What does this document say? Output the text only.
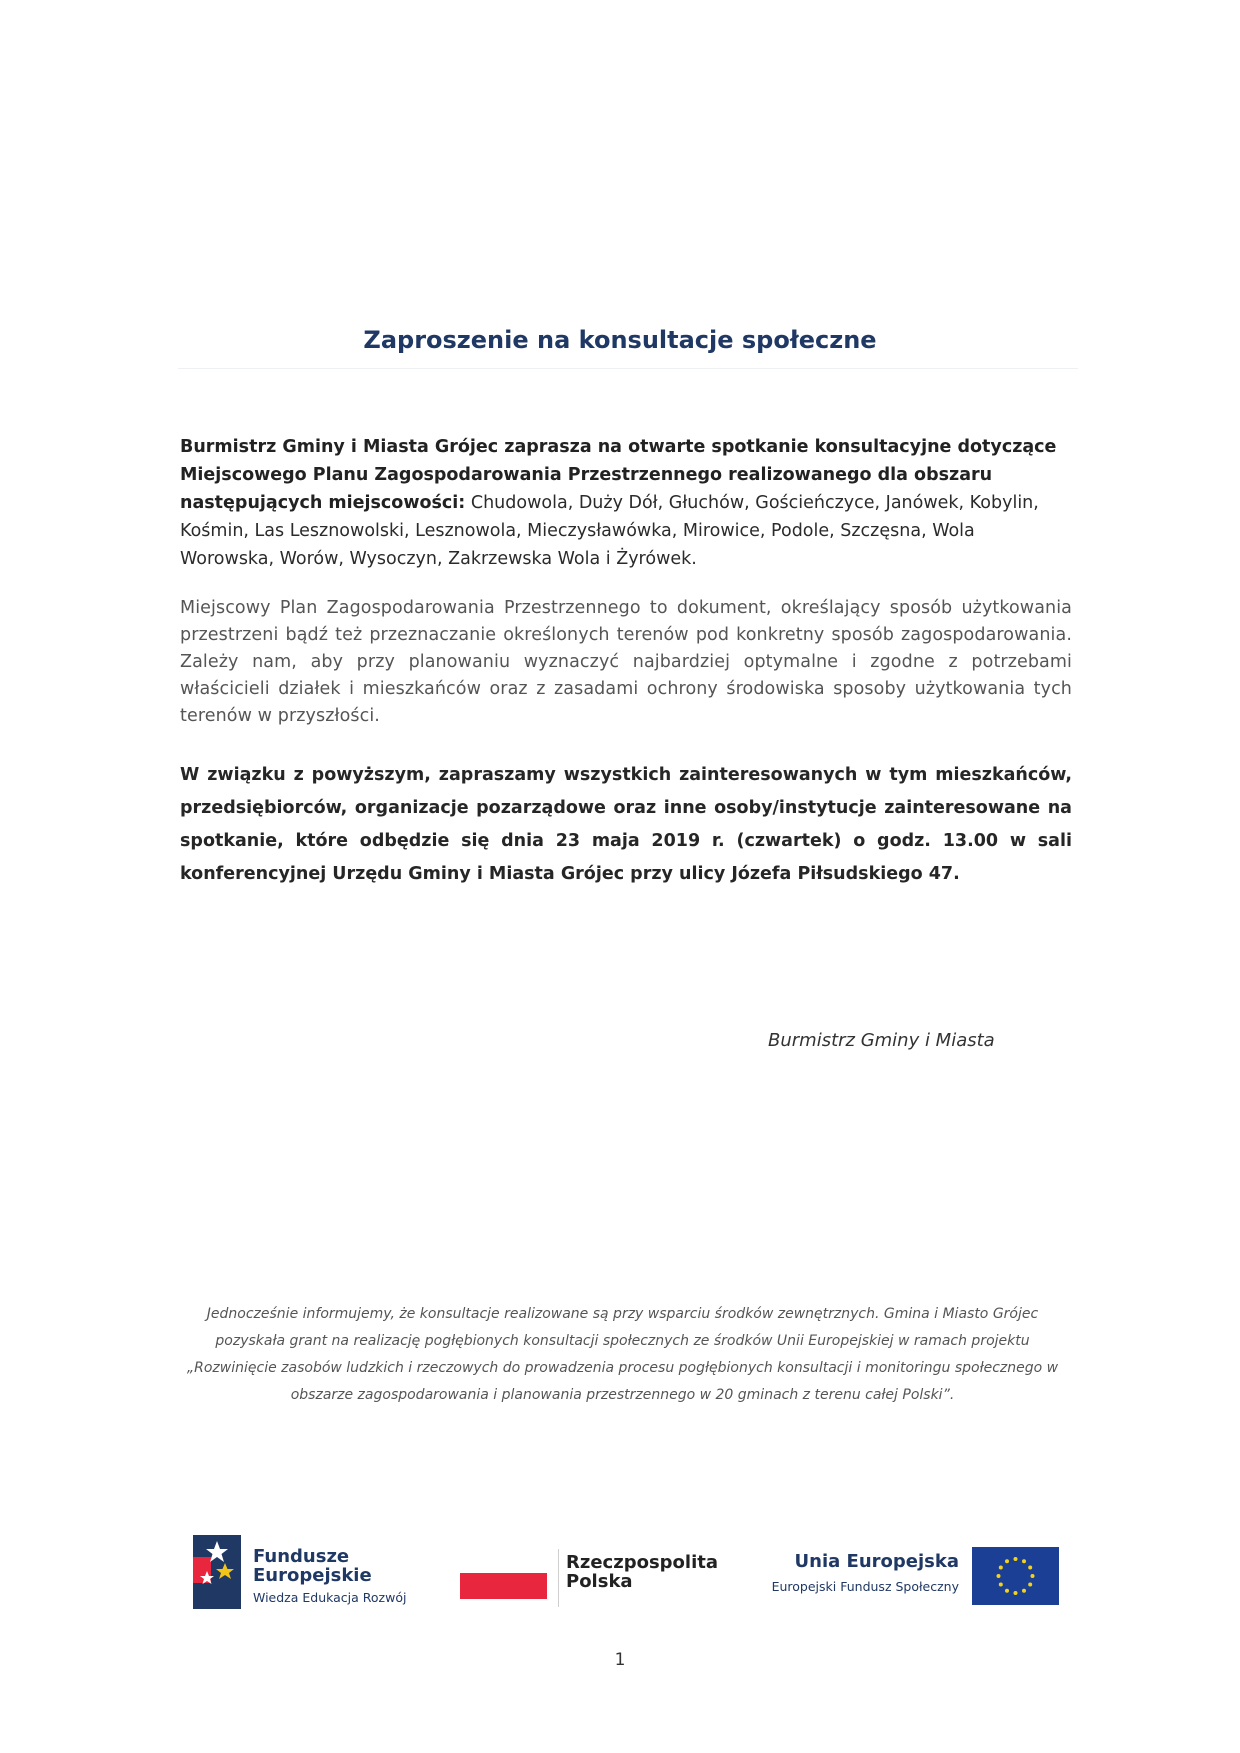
Zaproszenie na konsultacje społeczne
Burmistrz Gminy i Miasta Grójec zaprasza na otwarte spotkanie konsultacyjne dotyczące Miejscowego Planu Zagospodarowania Przestrzennego realizowanego dla obszaru następujących miejscowości: Chudowola, Duży Dół, Głuchów, Gościeńczyce, Janówek, Kobylin, Kośmin, Las Lesznowolski, Lesznowola, Mieczysławówka, Mirowice, Podole, Szczęsna, Wola Worowska, Worów, Wysoczyn, Zakrzewska Wola i Żyrówek.
Miejscowy Plan Zagospodarowania Przestrzennego to dokument, określający sposób użytkowania przestrzeni bądź też przeznaczanie określonych terenów pod konkretny sposób zagospodarowania. Zależy nam, aby przy planowaniu wyznaczyć najbardziej optymalne i zgodne z potrzebami właścicieli działek i mieszkańców oraz z zasadami ochrony środowiska sposoby użytkowania tych terenów w przyszłości.
W związku z powyższym, zapraszamy wszystkich zainteresowanych w tym mieszkańców, przedsiębiorców, organizacje pozarządowe oraz inne osoby/instytucje zainteresowane na spotkanie, które odbędzie się dnia 23 maja 2019 r. (czwartek) o godz. 13.00 w sali konferencyjnej Urzędu Gminy i Miasta Grójec przy ulicy Józefa Piłsudskiego 47.
Burmistrz Gminy i Miasta
Jednocześnie informujemy, że konsultacje realizowane są przy wsparciu środków zewnętrznych. Gmina i Miasto Grójec pozyskała grant na realizację pogłębionych konsultacji społecznych ze środków Unii Europejskiej w ramach projektu „Rozwinięcie zasobów ludzkich i rzeczowych do prowadzenia procesu pogłębionych konsultacji i monitoringu społecznego w obszarze zagospodarowania i planowania przestrzennego w 20 gminach z terenu całej Polski”.
Fundusze Europejskie
Wiedza Edukacja Rozwój
Rzeczpospolita Polska
Unia Europejska
Europejski Fundusz Społeczny
1
